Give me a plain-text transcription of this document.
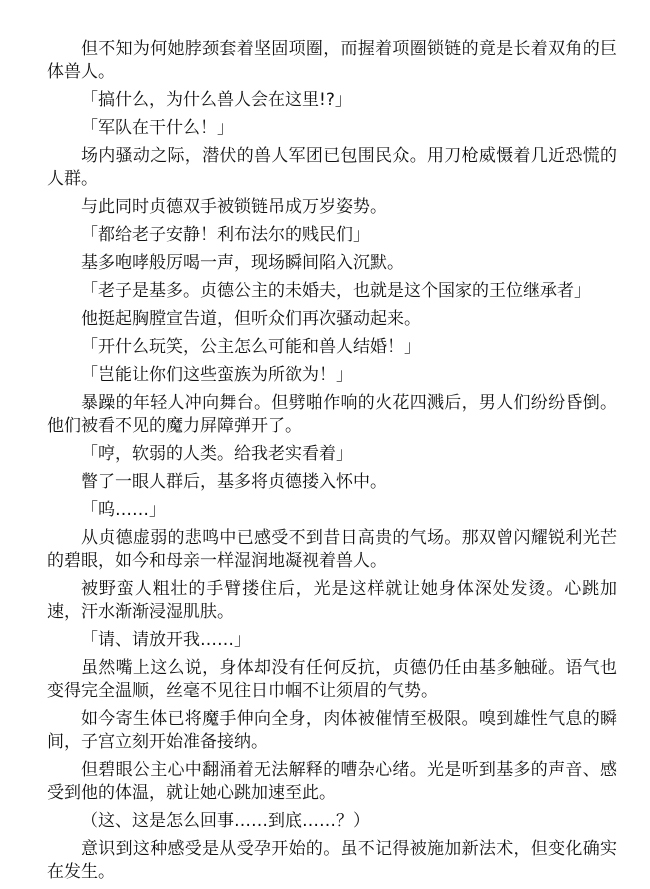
但不知为何她脖颈套着坚固项圈，而握着项圈锁链的竟是长着双角的巨体兽人。

「搞什么，为什么兽人会在这里!?」

「军队在干什么！」

场内骚动之际，潜伏的兽人军团已包围民众。用刀枪威慑着几近恐慌的人群。

与此同时贞德双手被锁链吊成万岁姿势。

「都给老子安静！利布法尔的贱民们」

基多咆哮般厉喝一声，现场瞬间陷入沉默。

「老子是基多。贞德公主的未婚夫，也就是这个国家的王位继承者」

他挺起胸膛宣告道，但听众们再次骚动起来。

「开什么玩笑，公主怎么可能和兽人结婚！」

「岂能让你们这些蛮族为所欲为！」

暴躁的年轻人冲向舞台。但劈啪作响的火花四溅后，男人们纷纷昏倒。他们被看不见的魔力屏障弹开了。

「哼，软弱的人类。给我老实看着」

瞥了一眼人群后，基多将贞德搂入怀中。

「呜……」

从贞德虚弱的悲鸣中已感受不到昔日高贵的气场。那双曾闪耀锐利光芒的碧眼，如今和母亲一样湿润地凝视着兽人。

被野蛮人粗壮的手臂搂住后，光是这样就让她身体深处发烫。心跳加速，汗水渐渐浸湿肌肤。

「请、请放开我……」

虽然嘴上这么说，身体却没有任何反抗，贞德仍任由基多触碰。语气也变得完全温顺，丝毫不见往日巾帼不让须眉的气势。

如今寄生体已将魔手伸向全身，肉体被催情至极限。嗅到雄性气息的瞬间，子宫立刻开始准备接纳。

但碧眼公主心中翻涌着无法解释的嘈杂心绪。光是听到基多的声音、感受到他的体温，就让她心跳加速至此。

（这、这是怎么回事……到底……？）

意识到这种感受是从受孕开始的。虽不记得被施加新法术，但变化确实在发生。
